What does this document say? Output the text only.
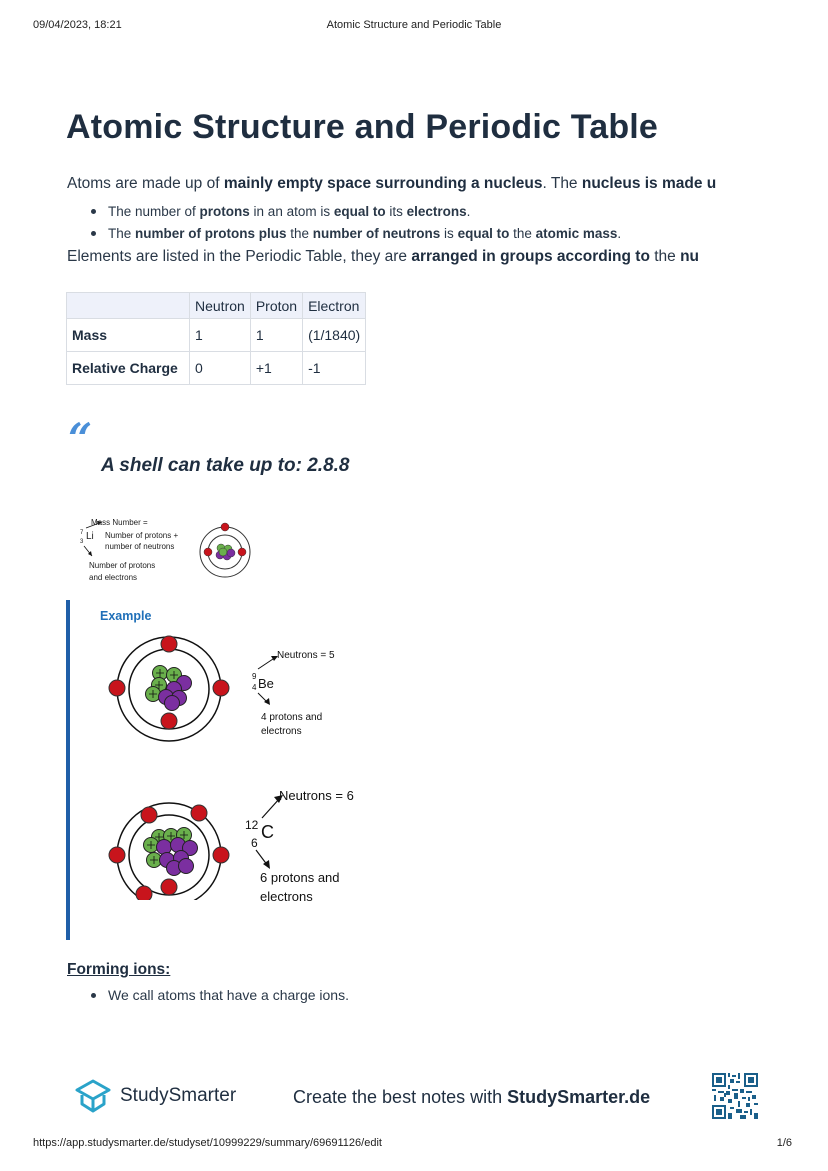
09/04/2023, 18:21	Atomic Structure and Periodic Table
https://app.studysmarter.de/studyset/10999229/summary/69691126/edit	1/6
Atomic Structure and Periodic Table
Atoms are made up of mainly empty space surrounding a nucleus. The nucleus is made u
The number of protons in an atom is equal to its electrons.
The number of protons plus the number of neutrons is equal to the atomic mass.
Elements are listed in the Periodic Table, they are arranged in groups according to the nu
	Neutron	Proton	Electron
Mass	1	1	(1/1840)
Relative Charge	0	+1	-1
“
A shell can take up to: 2.8.8
Mass Number =
Number of protons +
number of neutrons
7
3 Li
Number of protons
and electrons
Example
Neutrons = 5
9
4 Be
4 protons and
electrons
Neutrons = 6
12
6
C
6 protons and
electrons
Forming ions:
We call atoms that have a charge ions.
StudySmarter	Create the best notes with StudySmarter.de
